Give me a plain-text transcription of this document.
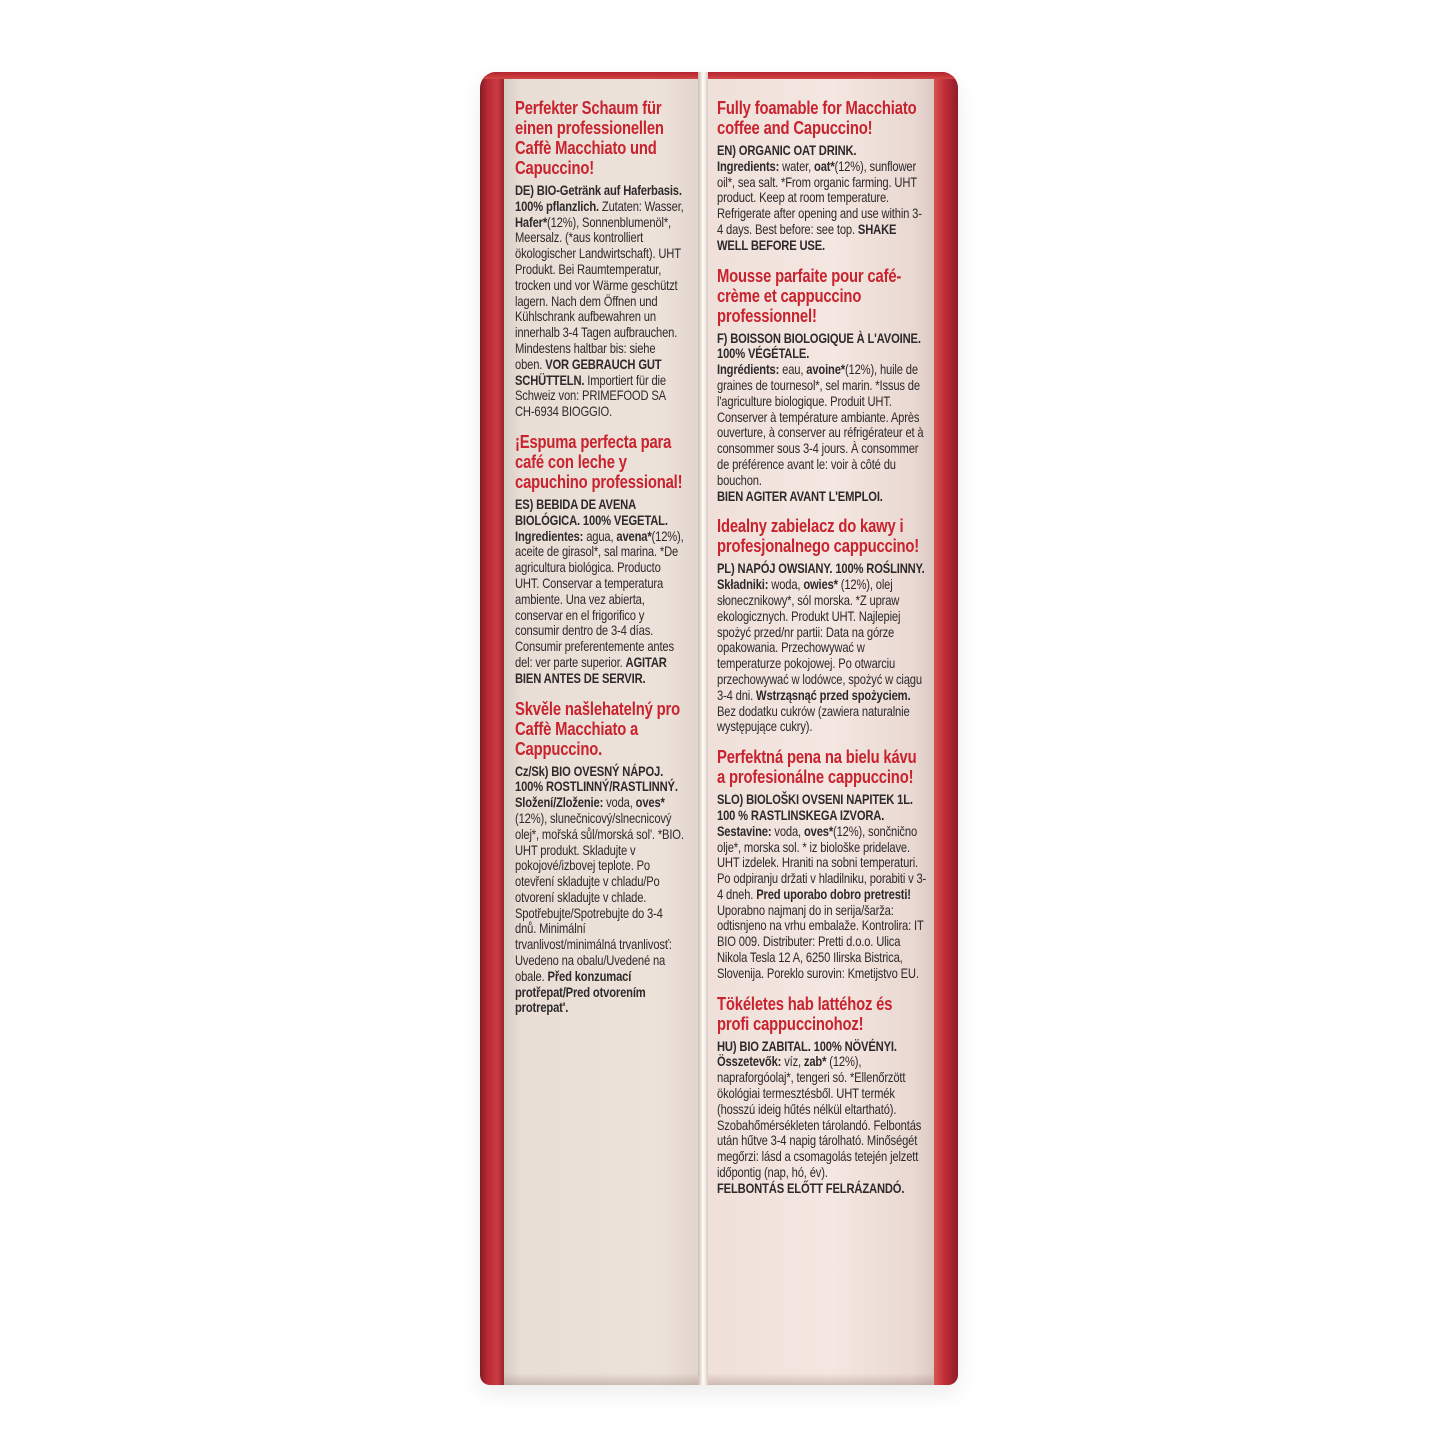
Perfekter Schaum für einen professionellen Caffè Macchiato und Capuccino!

DE) BIO-Getränk auf Haferbasis. 100% pflanzlich. Zutaten: Wasser, Hafer*(12%), Sonnenblumenöl*, Meersalz. (*aus kontrolliert ökologischer Landwirtschaft). UHT Produkt. Bei Raumtemperatur, trocken und vor Wärme geschützt lagern. Nach dem Öffnen und Kühlschrank aufbewahren un innerhalb 3-4 Tagen aufbrauchen. Mindestens haltbar bis: siehe oben. VOR GEBRAUCH GUT SCHÜTTELN. Importiert für die Schweiz von: PRIMEFOOD SA CH-6934 BIOGGIO.

¡Espuma perfecta para café con leche y capuchino professional!

ES) BEBIDA DE AVENA BIOLÓGICA. 100% VEGETAL. Ingredientes: agua, avena*(12%), aceite de girasol*, sal marina. *De agricultura biológica. Producto UHT. Conservar a temperatura ambiente. Una vez abierta, conservar en el frigorifico y consumir dentro de 3-4 días. Consumir preferentemente antes del: ver parte superior. AGITAR BIEN ANTES DE SERVIR.

Skvěle našlehatelný pro Caffè Macchiato a Cappuccino.

Cz/Sk) BIO OVESNÝ NÁPOJ. 100% ROSTLINNÝ/RASTLINNÝ. Složení/Zloženie: voda, oves*(12%), slunečnicový/slnecnicový olej*, mořská sůl/morská sol'. *BIO. UHT produkt. Skladujte v pokojové/izbovej teplote. Po otevření skladujte v chladu/Po otvorení skladujte v chlade. Spotřebujte/Spotrebujte do 3-4 dnů. Minimální trvanlivost/minimálná trvanlivosť: Uvedeno na obalu/Uvedené na obale. Před konzumací protřepat/Pred otvorením protrepat'.

Fully foamable for Macchiato coffee and Capuccino!

EN) ORGANIC OAT DRINK.
Ingredients: water, oat*(12%), sunflower oil*, sea salt. *From organic farming. UHT product. Keep at room temperature. Refrigerate after opening and use within 3-4 days. Best before: see top. SHAKE WELL BEFORE USE.

Mousse parfaite pour café-crème et cappuccino professionnel!

F) BOISSON BIOLOGIQUE À L'AVOINE. 100% VÉGÉTALE.
Ingrédients: eau, avoine*(12%), huile de graines de tournesol*, sel marin. *Issus de l'agriculture biologique. Produit UHT. Conserver à température ambiante. Après ouverture, à conserver au réfrigérateur et à consommer sous 3-4 jours. À consommer de préférence avant le: voir à côté du bouchon.
BIEN AGITER AVANT L'EMPLOI.

Idealny zabielacz do kawy i profesjonalnego cappuccino!

PL) NAPÓJ OWSIANY. 100% ROŚLINNY. Składniki: woda, owies* (12%), olej słonecznikowy*, sól morska. *Z upraw ekologicznych. Produkt UHT. Najlepiej spożyć przed/nr partii: Data na górze opakowania. Przechowywać w temperaturze pokojowej. Po otwarciu przechowywać w lodówce, spożyć w ciągu 3-4 dni. Wstrząsnąć przed spożyciem.
Bez dodatku cukrów (zawiera naturalnie występujące cukry).

Perfektná pena na bielu kávu a profesionálne cappuccino!

SLO) BIOLOŠKI OVSENI NAPITEK 1L. 100 % RASTLINSKEGA IZVORA.
Sestavine: voda, oves*(12%), sončnično olje*, morska sol. * iz biološke pridelave. UHT izdelek. Hraniti na sobni temperaturi. Po odpiranju držati v hladilniku, porabiti v 3-4 dneh. Pred uporabo dobro pretresti!
Uporabno najmanj do in serija/šarža: odtisnjeno na vrhu embalaže. Kontrolira: IT BIO 009. Distributer: Pretti d.o.o. Ulica Nikola Tesla 12 A, 6250 Ilirska Bistrica, Slovenija. Poreklo surovin: Kmetijstvo EU.

Tökéletes hab lattéhoz és profi cappuccinohoz!

HU) BIO ZABITAL. 100% NÖVÉNYI.
Összetevők: víz, zab* (12%), napraforgóolaj*, tengeri só. *Ellenőrzött ökológiai termesztésből. UHT termék (hosszú ideig hűtés nélkül eltartható). Szobahőmérsékleten tárolandó. Felbontás után hűtve 3-4 napig tárolható. Minőségét megőrzi: lásd a csomagolás tetején jelzett időpontig (nap, hó, év).
FELBONTÁS ELŐTT FELRÁZANDÓ.
